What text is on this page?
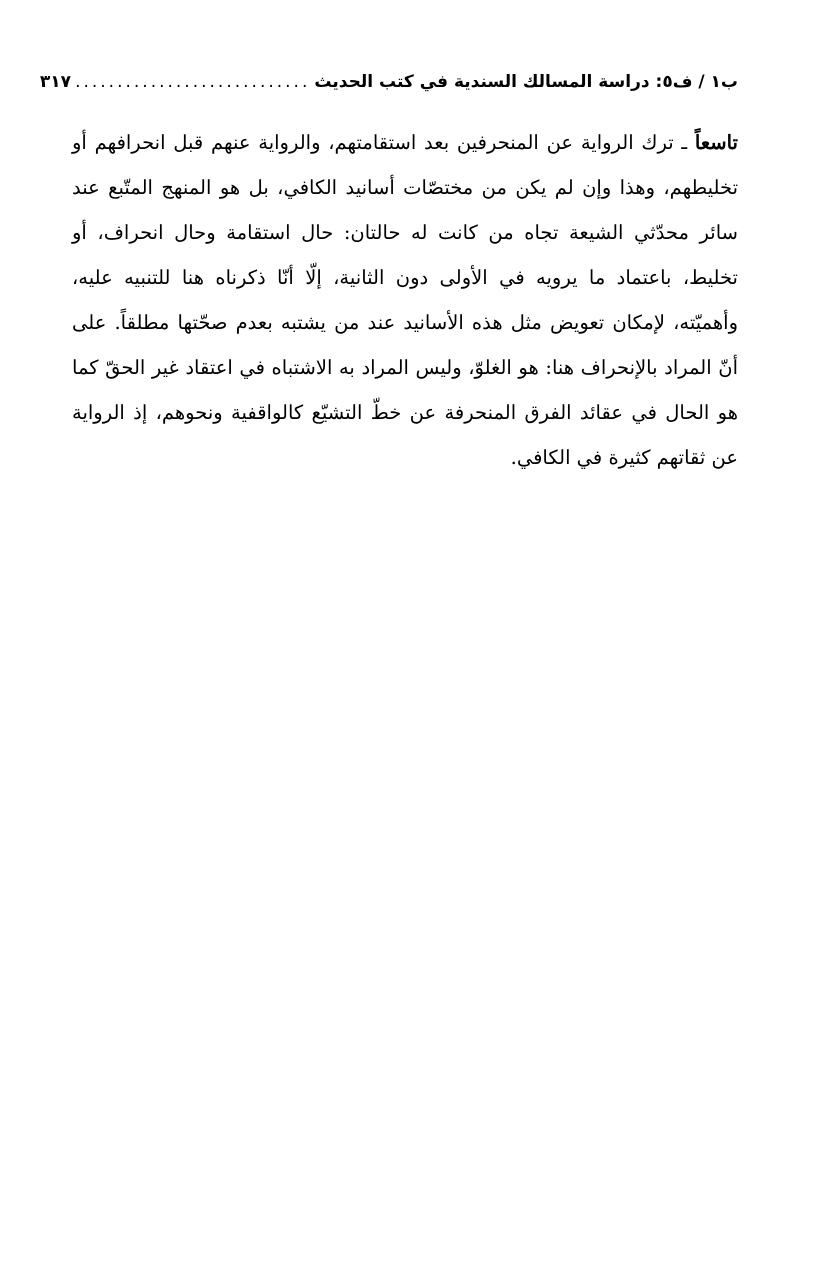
ب١ / ف٥: دراسة المسالك السندية في كتب الحديث
............................
٣١٧

تاسعاً ـ ترك الرواية عن المنحرفين بعد استقامتهم، والرواية عنهم قبل انحرافهم أو تخليطهم، وهذا وإن لم يكن من مختصّات أسانيد الكافي، بل هو المنهج المتّبع عند سائر محدّثي الشيعة تجاه من كانت له حالتان: حال استقامة وحال انحراف، أو تخليط، باعتماد ما يرويه في الأولى دون الثانية، إلّا أنّا ذكرناه هنا للتنبيه عليه، وأهميّته، لإمكان تعويض مثل هذه الأسانيد عند من يشتبه بعدم صحّتها مطلقاً. على أنّ المراد بالإنحراف هنا: هو الغلوّ، وليس المراد به الاشتباه في اعتقاد غير الحقّ كما هو الحال في عقائد الفرق المنحرفة عن خطّ التشيّع كالواقفية ونحوهم، إذ الرواية عن ثقاتهم كثيرة في الكافي.
